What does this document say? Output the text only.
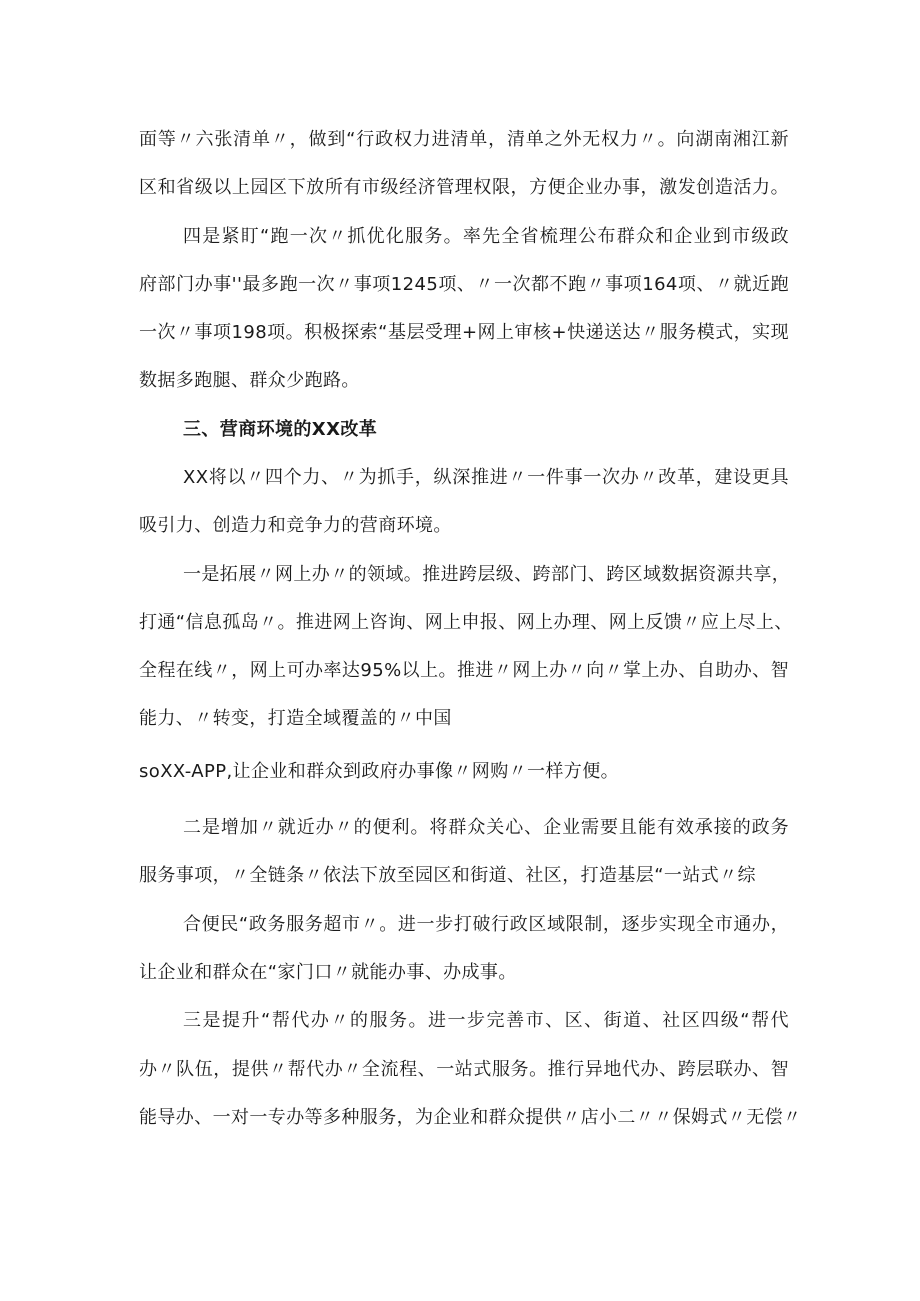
面等〃六张清单〃，做到“行政权力进清单，清单之外无权力〃。向湖南湘江新
区和省级以上园区下放所有市级经济管理权限，方便企业办事，激发创造活力。
四是紧盯“跑一次〃抓优化服务。率先全省梳理公布群众和企业到市级政
府部门办事''最多跑一次〃事项1245项、〃一次都不跑〃事项164项、〃就近跑
一次〃事项198项。积极探索“基层受理+网上审核+快递送达〃服务模式，实现
数据多跑腿、群众少跑路。
三、营商环境的XX改革
XX将以〃四个力、〃为抓手，纵深推进〃一件事一次办〃改革，建设更具
吸引力、创造力和竞争力的营商环境。
一是拓展〃网上办〃的领域。推进跨层级、跨部门、跨区域数据资源共享，
打通“信息孤岛〃。推进网上咨询、网上申报、网上办理、网上反馈〃应上尽上、
全程在线〃，网上可办率达95%以上。推进〃网上办〃向〃掌上办、自助办、智
能力、〃转变，打造全域覆盖的〃中国
soXX-APP,让企业和群众到政府办事像〃网购〃一样方便。
二是增加〃就近办〃的便利。将群众关心、企业需要且能有效承接的政务
服务事项，〃全链条〃依法下放至园区和街道、社区，打造基层“一站式〃综
合便民“政务服务超市〃。进一步打破行政区域限制，逐步实现全市通办，
让企业和群众在“家门口〃就能办事、办成事。
三是提升“帮代办〃的服务。进一步完善市、区、街道、社区四级“帮代
办〃队伍，提供〃帮代办〃全流程、一站式服务。推行异地代办、跨层联办、智
能导办、一对一专办等多种服务，为企业和群众提供〃店小二〃〃保姆式〃无偿〃
